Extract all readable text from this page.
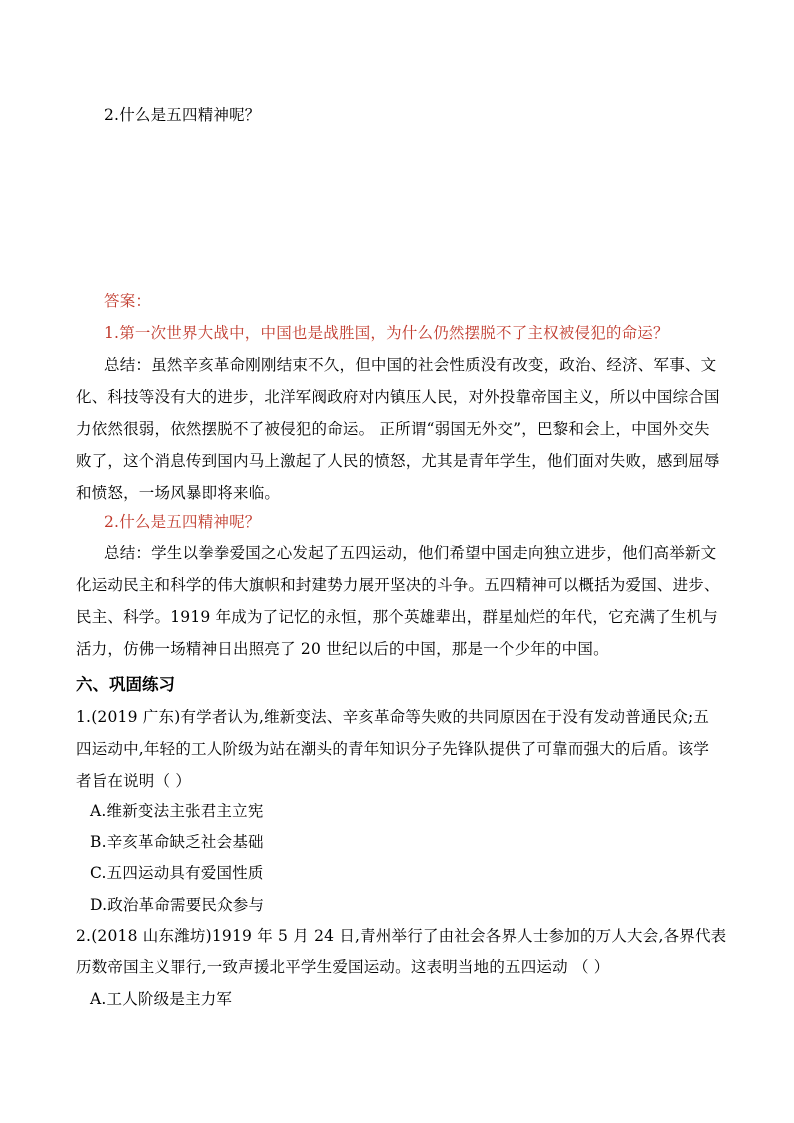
2.什么是五四精神呢？
答案：
1.第一次世界大战中，中国也是战胜国，为什么仍然摆脱不了主权被侵犯的命运？
总结：虽然辛亥革命刚刚结束不久，但中国的社会性质没有改变，政治、经济、军事、文
化、科技等没有大的进步，北洋军阀政府对内镇压人民，对外投靠帝国主义，所以中国综合国
力依然很弱，依然摆脱不了被侵犯的命运。 正所谓“弱国无外交”，巴黎和会上，中国外交失
败了，这个消息传到国内马上激起了人民的愤怒，尤其是青年学生，他们面对失败，感到屈辱
和愤怒，一场风暴即将来临。
2.什么是五四精神呢？
总结：学生以拳拳爱国之心发起了五四运动，他们希望中国走向独立进步，他们高举新文
化运动民主和科学的伟大旗帜和封建势力展开坚决的斗争。五四精神可以概括为爱国、进步、
民主、科学。1919 年成为了记忆的永恒，那个英雄辈出，群星灿烂的年代，它充满了生机与
活力，仿佛一场精神日出照亮了 20 世纪以后的中国，那是一个少年的中国。
六、巩固练习
1.(2019 广东)有学者认为,维新变法、辛亥革命等失败的共同原因在于没有发动普通民众;五
四运动中,年轻的工人阶级为站在潮头的青年知识分子先锋队提供了可靠而强大的后盾。该学
者旨在说明（ ）
A.维新变法主张君主立宪
B.辛亥革命缺乏社会基础
C.五四运动具有爱国性质
D.政治革命需要民众参与
2.(2018 山东潍坊)1919 年 5 月 24 日,青州举行了由社会各界人士参加的万人大会,各界代表
历数帝国主义罪行,一致声援北平学生爱国运动。这表明当地的五四运动 （ ）
A.工人阶级是主力军
